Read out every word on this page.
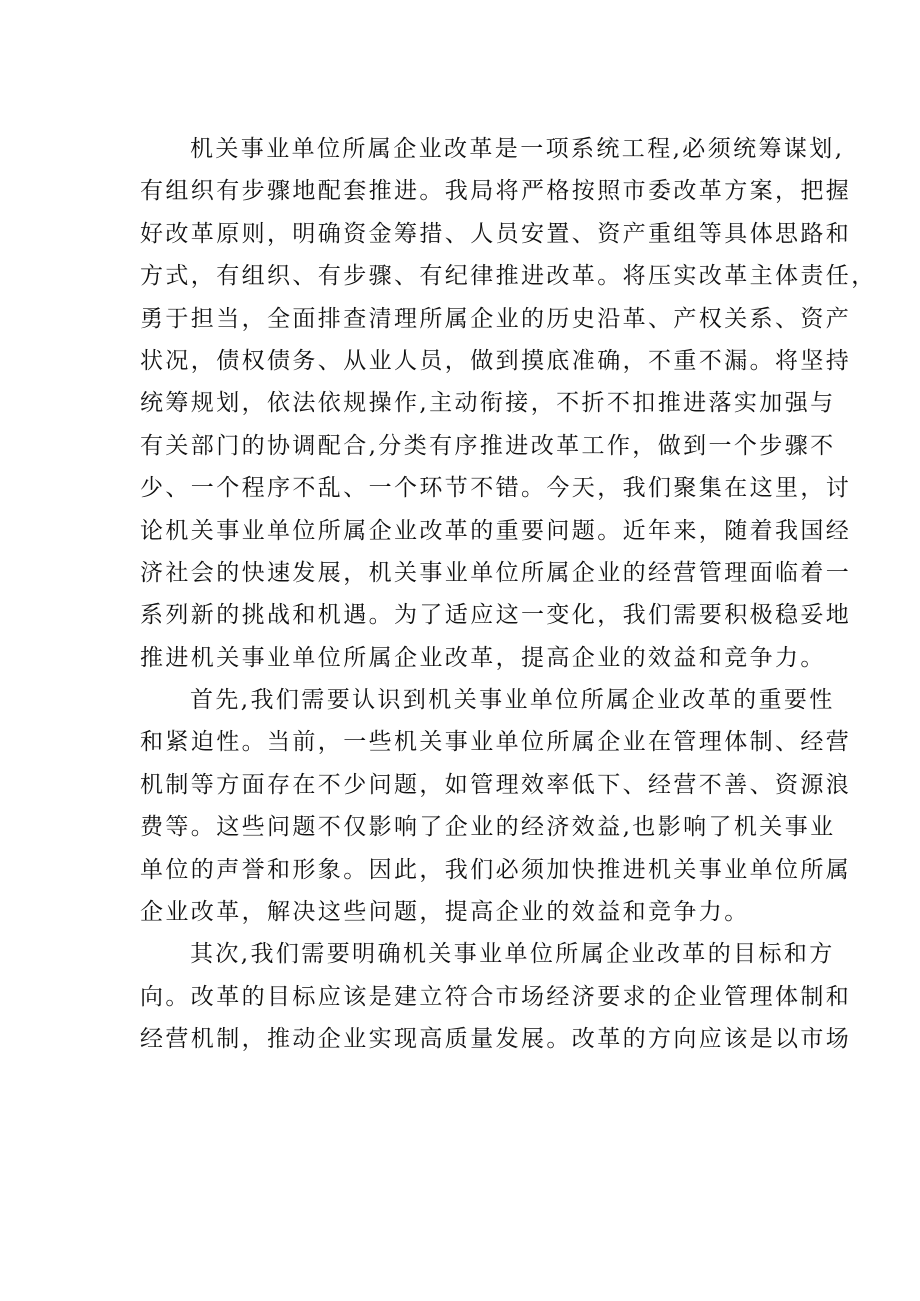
机关事业单位所属企业改革是一项系统工程,必须统筹谋划,
有组织有步骤地配套推进。我局将严格按照市委改革方案，把握
好改革原则，明确资金筹措、人员安置、资产重组等具体思路和
方式，有组织、有步骤、有纪律推进改革。将压实改革主体责任，
勇于担当，全面排查清理所属企业的历史沿革、产权关系、资产
状况，债权债务、从业人员，做到摸底准确，不重不漏。将坚持
统筹规划，依法依规操作,主动衔接，不折不扣推进落实加强与
有关部门的协调配合,分类有序推进改革工作，做到一个步骤不
少、一个程序不乱、一个环节不错。今天，我们聚集在这里，讨
论机关事业单位所属企业改革的重要问题。近年来，随着我国经
济社会的快速发展，机关事业单位所属企业的经营管理面临着一
系列新的挑战和机遇。为了适应这一变化，我们需要积极稳妥地
推进机关事业单位所属企业改革，提高企业的效益和竞争力。
首先,我们需要认识到机关事业单位所属企业改革的重要性
和紧迫性。当前，一些机关事业单位所属企业在管理体制、经营
机制等方面存在不少问题，如管理效率低下、经营不善、资源浪
费等。这些问题不仅影响了企业的经济效益,也影响了机关事业
单位的声誉和形象。因此，我们必须加快推进机关事业单位所属
企业改革，解决这些问题，提高企业的效益和竞争力。
其次,我们需要明确机关事业单位所属企业改革的目标和方
向。改革的目标应该是建立符合市场经济要求的企业管理体制和
经营机制，推动企业实现高质量发展。改革的方向应该是以市场
